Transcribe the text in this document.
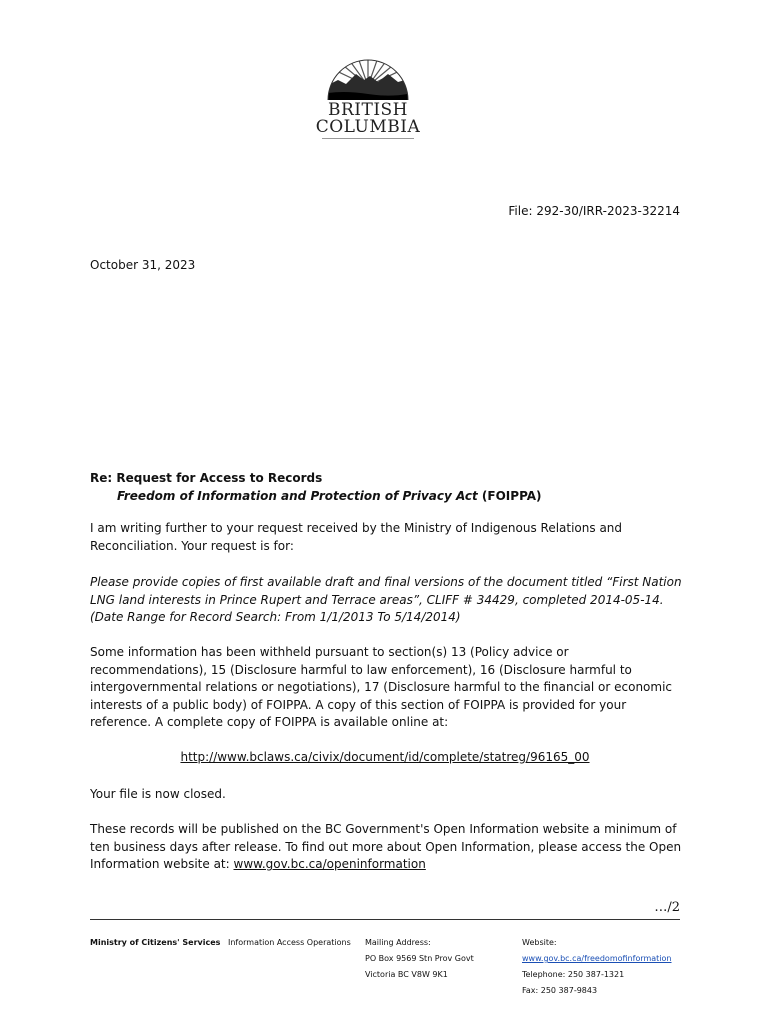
BRITISH
COLUMBIA
File: 292-30/IRR-2023-32214
October 31, 2023
Re: Request for Access to Records
Freedom of Information and Protection of Privacy Act (FOIPPA)
I am writing further to your request received by the Ministry of Indigenous Relations and Reconciliation. Your request is for:
Please provide copies of first available draft and final versions of the document titled “First Nation LNG land interests in Prince Rupert and Terrace areas”, CLIFF # 34429, completed 2014-05-14. (Date Range for Record Search: From 1/1/2013 To 5/14/2014)
Some information has been withheld pursuant to section(s) 13 (Policy advice or recommendations), 15 (Disclosure harmful to law enforcement), 16 (Disclosure harmful to intergovernmental relations or negotiations), 17 (Disclosure harmful to the financial or economic interests of a public body) of FOIPPA. A copy of this section of FOIPPA is provided for your reference. A complete copy of FOIPPA is available online at:
http://www.bclaws.ca/civix/document/id/complete/statreg/96165_00
Your file is now closed.
These records will be published on the BC Government's Open Information website a minimum of ten business days after release. To find out more about Open Information, please access the Open Information website at: www.gov.bc.ca/openinformation
…/2
Ministry of Citizens' Services Information Access Operations Mailing Address:
PO Box 9569 Stn Prov Govt
Victoria BC V8W 9K1
Website:
www.gov.bc.ca/freedomofinformation
Telephone: 250 387-1321
Fax: 250 387-9843
